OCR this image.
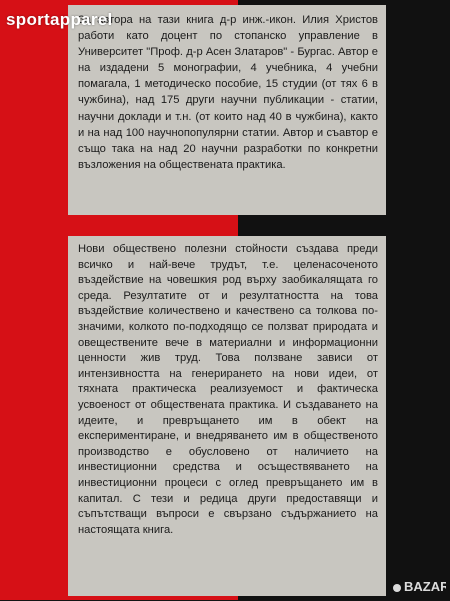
За автора на тази книга д-р инж.-икон. Илия Христов работи като доцент по стопанско управление в Университет "Проф. д-р Асен Златаров" - Бургас. Автор е на издадени 5 монографии, 4 учебника, 4 учебни помагала, 1 методическо пособие, 15 студии (от тях 6 в чужбина), над 175 други научни публикации - статии, научни доклади и т.н. (от които над 40 в чужбина), както и на над 100 научнопопулярни статии. Автор и съавтор е също така на над 20 научни разработки по конкретни възложения на обществената практика.

sportapparel

Нови обществено полезни стойности създава преди всичко и най-вече трудът, т.е. целенасоченото въздействие на човешкия род върху заобикалящата го среда. Резултатите от и резултатността на това въздействие количествено и качествено са толкова по-значими, колкото по-подходящо се ползват природата и овеществените вече в материални и информационни ценности жив труд. Това ползване зависи от интензивността на генерирането на нови идеи, от тяхната практическа реализуемост и фактическа усвоеност от обществената практика. И създаването на идеите, и превръщането им в обект на експериментиране, и внедряването им в общественото производство е обусловено от наличието на инвестиционни средства и осъществяването на инвестиционни процеси с оглед превръщането им в капитал. С тези и редица други предоставящи и съпътстващи въпроси е свързано съдържанието на настоящата книга.

BAZAR
